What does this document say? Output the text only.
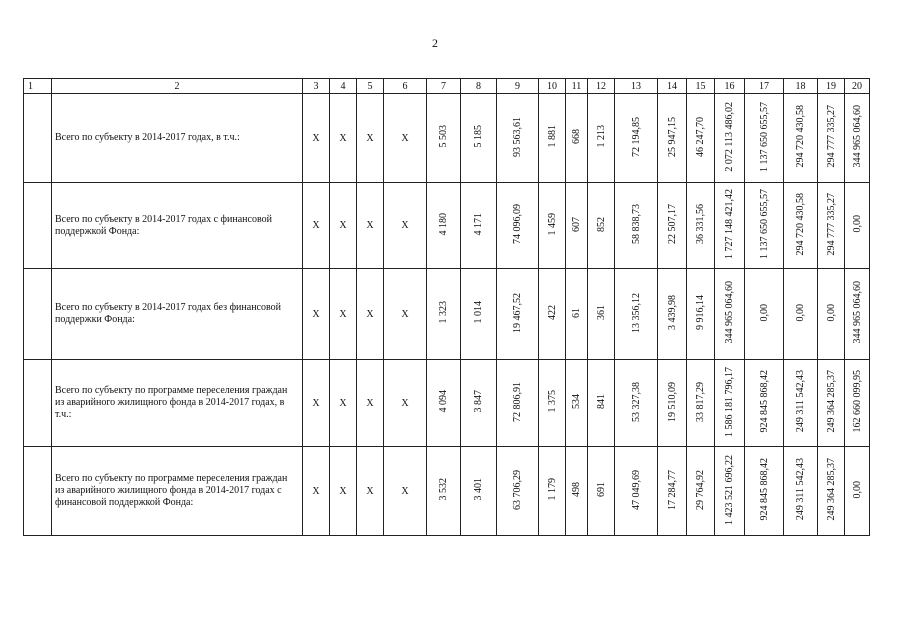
2
1	2	3	4	5	6	7	8	9	10	11	12	13	14	15	16	17	18	19	20
	Всего по субъекту в 2014-2017 годах, в т.ч.:	X	X	X	X	5 503	5 185	93 563,61	1 881	668	1 213	72 194,85	25 947,15	46 247,70	2 072 113 486,02	1 137 650 655,57	294 720 430,58	294 777 335,27	344 965 064,60
	Всего по субъекту в 2014-2017 годах с финансовой поддержкой Фонда:	X	X	X	X	4 180	4 171	74 096,09	1 459	607	852	58 838,73	22 507,17	36 331,56	1 727 148 421,42	1 137 650 655,57	294 720 430,58	294 777 335,27	0,00
	Всего по субъекту в 2014-2017 годах без финансовой поддержки Фонда:	X	X	X	X	1 323	1 014	19 467,52	422	61	361	13 356,12	3 439,98	9 916,14	344 965 064,60	0,00	0,00	0,00	344 965 064,60
	Всего по субъекту по программе переселения граждан из аварийного жилищного фонда в 2014-2017 годах, в т.ч.:	X	X	X	X	4 094	3 847	72 806,91	1 375	534	841	53 327,38	19 510,09	33 817,29	1 586 181 796,17	924 845 868,42	249 311 542,43	249 364 285,37	162 660 099,95
	Всего по субъекту по программе переселения граждан из аварийного жилищного фонда в 2014-2017 годах с финансовой поддержкой Фонда:	X	X	X	X	3 532	3 401	63 706,29	1 179	498	691	47 049,69	17 284,77	29 764,92	1 423 521 696,22	924 845 868,42	249 311 542,43	249 364 285,37	0,00
